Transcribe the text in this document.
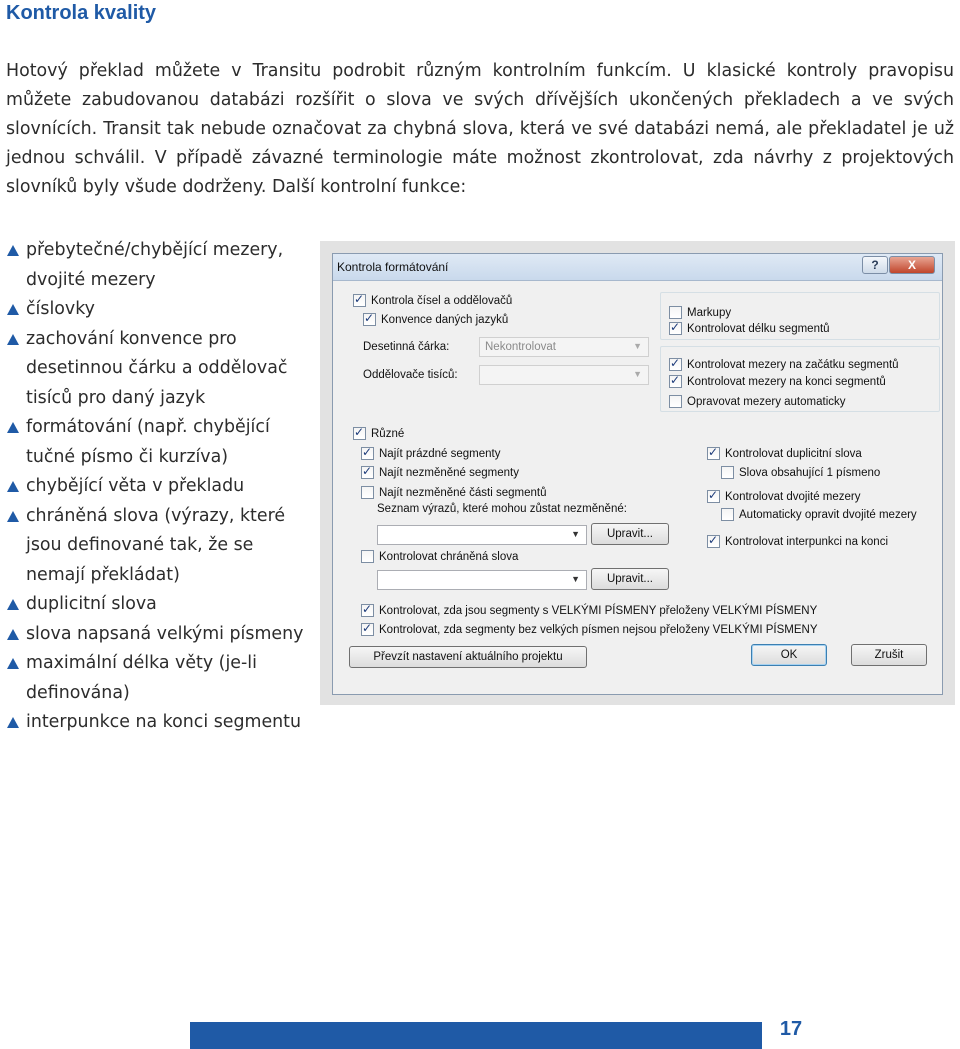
Kontrola kvality
Hotový překlad můžete v Transitu podrobit různým kontrolním funkcím. U klasické kontroly pravopisu můžete zabudovanou databázi rozšířit o slova ve svých dřívějších ukončených překladech a ve svých slovnících. Transit tak nebude označovat za chybná slova, která ve své databázi nemá, ale překladatel je už jednou schválil. V případě závazné terminologie máte možnost zkontrolovat, zda návrhy z projektových slovníků byly všude dodrženy. Další kontrolní funkce:
přebytečné/chybějící mezery, dvojité mezery
číslovky
zachování konvence pro desetinnou čárku a oddělovač tisíců pro daný jazyk
formátování (např. chybějící tučné písmo či kurzíva)
chybějící věta v překladu
chráněná slova (výrazy, které jsou definované tak, že se nemají překládat)
duplicitní slova
slova napsaná velkými písmeny
maximální délka věty (je-li definována)
interpunkce na konci segmentu
Kontrola formátování	?	X
✓
Kontrola čísel a oddělovačů
✓
Konvence daných jazyků
Desetinná čárka:	Nekontrolovat	▼
Oddělovače tisíců:	▼
Markupy
✓
Kontrolovat délku segmentů
✓
Kontrolovat mezery na začátku segmentů
✓
Kontrolovat mezery na konci segmentů
Opravovat mezery automaticky
✓
Různé
✓
Najít prázdné segmenty
✓
Najít nezměněné segmenty
Najít nezměněné části segmentů
Seznam výrazů, které mohou zůstat nezměněné:
▼	Upravit...
Kontrolovat chráněná slova
▼	Upravit...
✓
Kontrolovat duplicitní slova
Slova obsahující 1 písmeno
✓
Kontrolovat dvojité mezery
Automaticky opravit dvojité mezery
✓
Kontrolovat interpunkci na konci
✓
Kontrolovat, zda jsou segmenty s VELKÝMI PÍSMENY přeloženy VELKÝMI PÍSMENY
✓
Kontrolovat, zda segmenty bez velkých písmen nejsou přeloženy VELKÝMI PÍSMENY
Převzít nastavení aktuálního projektu	OK	Zrušit
17
